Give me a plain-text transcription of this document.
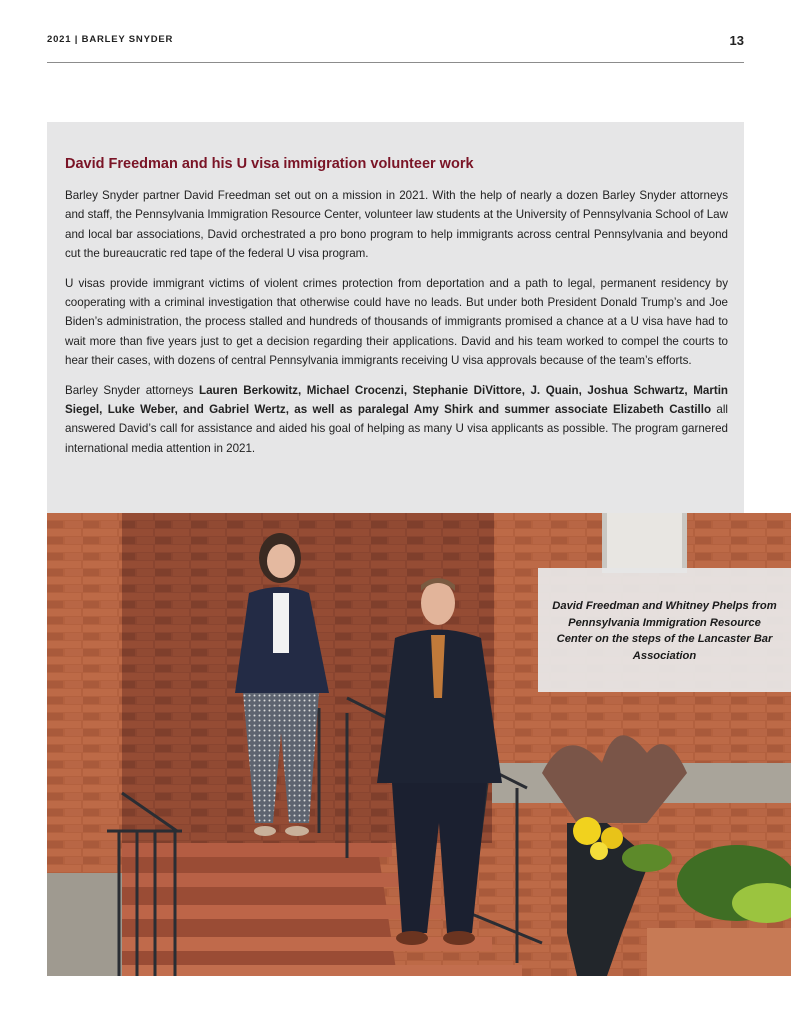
2021 | BARLEY SNYDER	13
David Freedman and his U visa immigration volunteer work

Barley Snyder partner David Freedman set out on a mission in 2021. With the help of nearly a dozen Barley Snyder attorneys and staff, the Pennsylvania Immigration Resource Center, volunteer law students at the University of Pennsylvania School of Law and local bar associations, David orchestrated a pro bono program to help immigrants across central Pennsylvania and beyond cut the bureaucratic red tape of the federal U visa program.

U visas provide immigrant victims of violent crimes protection from deportation and a path to legal, permanent residency by cooperating with a criminal investigation that otherwise could have no leads. But under both President Donald Trump’s and Joe Biden’s administration, the process stalled and hundreds of thousands of immigrants promised a chance at a U visa have had to wait more than five years just to get a decision regarding their applications. David and his team worked to compel the courts to hear their cases, with dozens of central Pennsylvania immigrants receiving U visa approvals because of the team’s efforts.

Barley Snyder attorneys Lauren Berkowitz, Michael Crocenzi, Stephanie DiVittore, J. Quain, Joshua Schwartz, Martin Siegel, Luke Weber, and Gabriel Wertz, as well as paralegal Amy Shirk and summer associate Elizabeth Castillo all answered David’s call for assistance and aided his goal of helping as many U visa applicants as possible. The program garnered international media attention in 2021.

David Freedman and Whitney Phelps from Pennsylvania Immigration Resource Center on the steps of the Lancaster Bar Association
